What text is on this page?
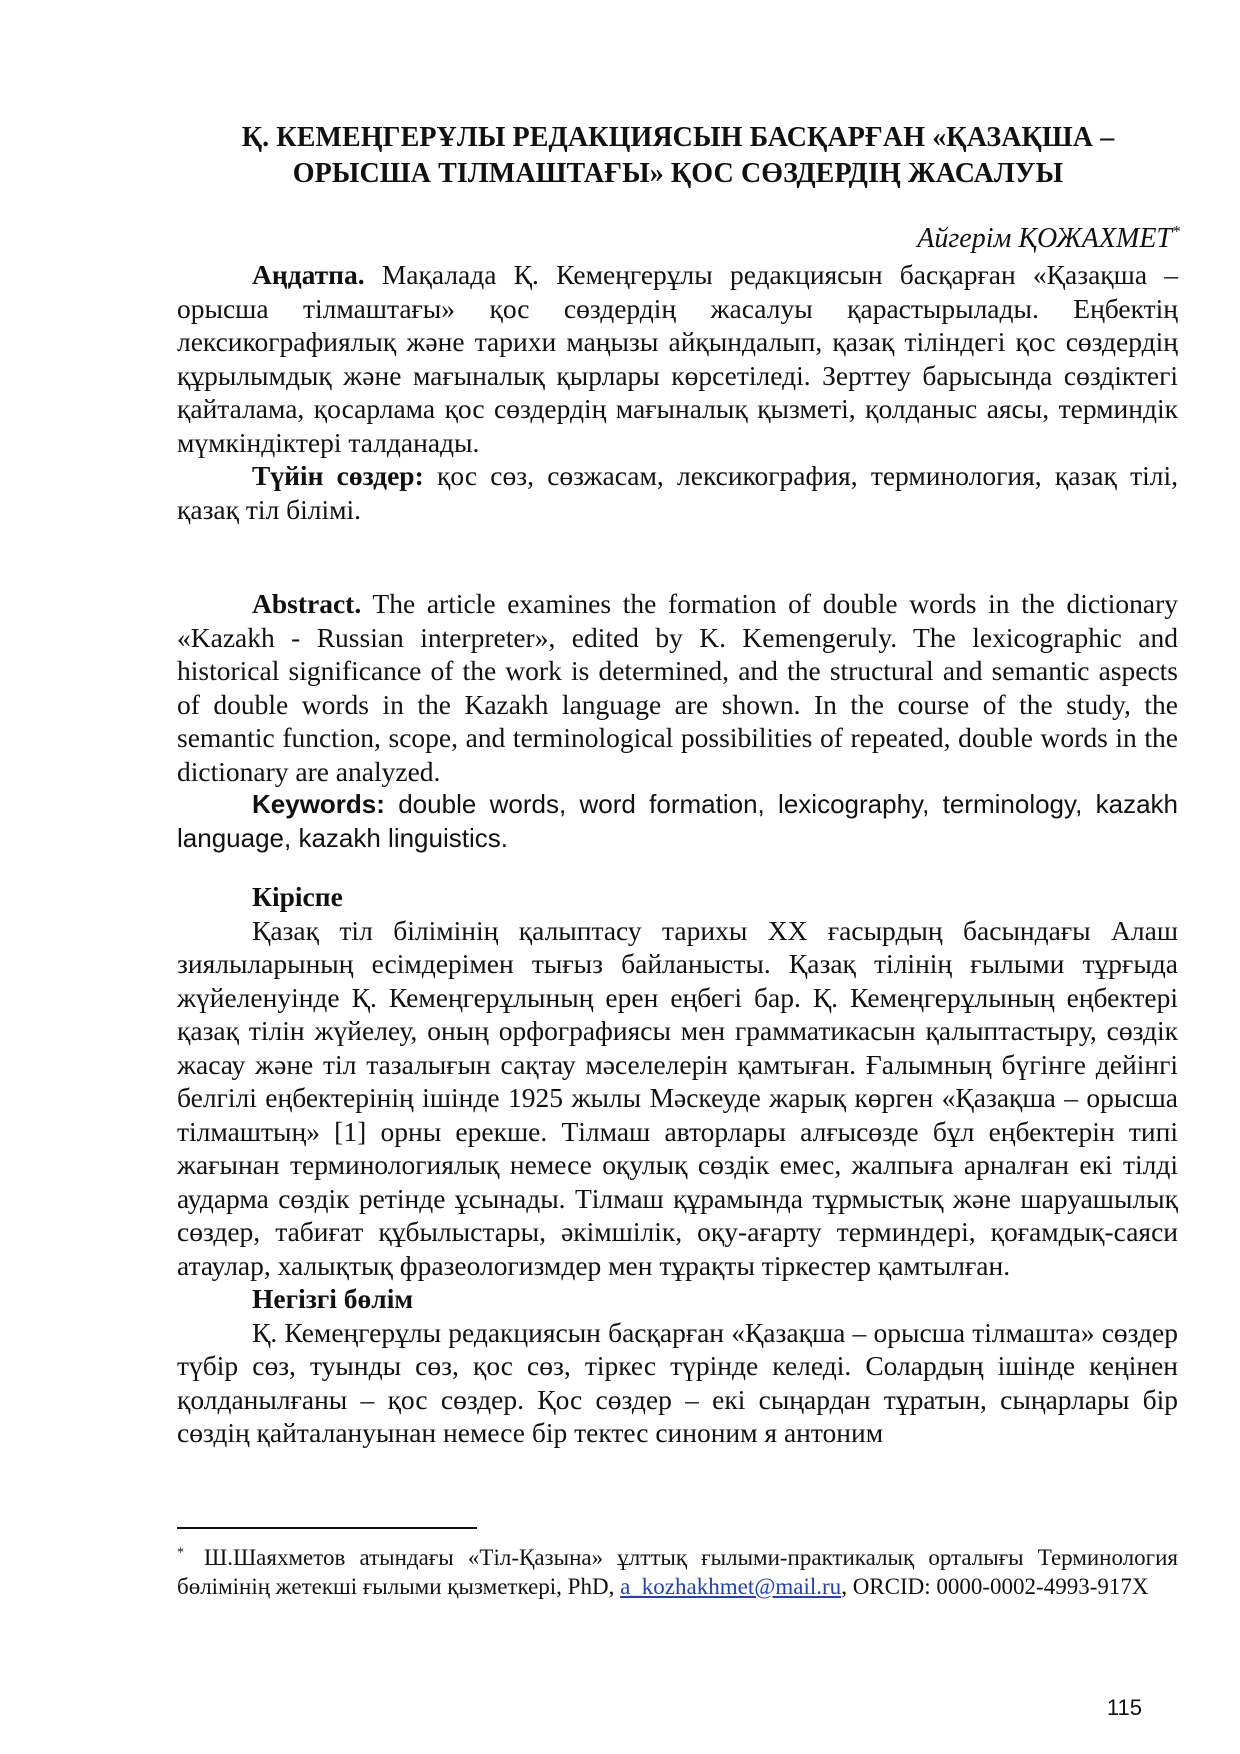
Қ. КЕМЕҢГЕРҰЛЫ РЕДАКЦИЯСЫН БАСҚАРҒАН «ҚАЗАҚША –
ОРЫСША ТІЛМАШТАҒЫ» ҚОС СӨЗДЕРДІҢ ЖАСАЛУЫ
Айгерім ҚОЖАХМЕТ*

Аңдатпа. Мақалада Қ. Кемеңгерұлы редакциясын басқарған «Қазақша – орысша тілмаштағы» қос сөздердің жасалуы қарастырылады. Еңбектің лексикографиялық және тарихи маңызы айқындалып, қазақ тіліндегі қос сөздердің құрылымдық және мағыналық қырлары көрсетіледі. Зерттеу барысында сөздіктегі қайталама, қосарлама қос сөздердің мағыналық қызметі, қолданыс аясы, терминдік мүмкіндіктері талданады.

Түйін сөздер: қос сөз, сөзжасам, лексикография, терминология, қазақ тілі, қазақ тіл білімі.

Abstract. The article examines the formation of double words in the dictionary «Kazakh - Russian interpreter», edited by K. Kemengeruly. The lexicographic and historical significance of the work is determined, and the structural and semantic aspects of double words in the Kazakh language are shown. In the course of the study, the semantic function, scope, and terminological possibilities of repeated, double words in the dictionary are analyzed.

Keywords: double words, word formation, lexicography, terminology, kazakh language, kazakh linguistics.

Кіріспе

Қазақ тіл білімінің қалыптасу тарихы XX ғасырдың басындағы Алаш зиялыларының есімдерімен тығыз байланысты. Қазақ тілінің ғылыми тұрғыда жүйеленуінде Қ. Кемеңгерұлының ерен еңбегі бар. Қ. Кемеңгерұлының еңбектері қазақ тілін жүйелеу, оның орфографиясы мен грамматикасын қалыптастыру, сөздік жасау және тіл тазалығын сақтау мәселелерін қамтыған. Ғалымның бүгінге дейінгі белгілі еңбектерінің ішінде 1925 жылы Мәскеуде жарық көрген «Қазақша – орысша тілмаштың» [1] орны ерекше. Тілмаш авторлары алғысөзде бұл еңбектерін типі жағынан терминологиялық немесе оқулық сөздік емес, жалпыға арналған екі тілді аударма сөздік ретінде ұсынады. Тілмаш құрамында тұрмыстық және шаруашылық сөздер, табиғат құбылыстары, әкімшілік, оқу-ағарту терминдері, қоғамдық-саяси атаулар, халықтық фразеологизмдер мен тұрақты тіркестер қамтылған.

Негізгі бөлім

Қ. Кемеңгерұлы редакциясын басқарған «Қазақша – орысша тілмашта» сөздер түбір сөз, туынды сөз, қос сөз, тіркес түрінде келеді. Солардың ішінде кеңінен қолданылғаны – қос сөздер. Қос сөздер – екі сыңардан тұратын, сыңарлары бір сөздің қайталануынан немесе бір тектес синоним я антоним

* Ш.Шаяхметов атындағы «Тіл-Қазына» ұлттық ғылыми-практикалық орталығы Терминология бөлімінің жетекші ғылыми қызметкері, PhD, a_kozhakhmet@mail.ru, ORCID: 0000-0002-4993-917X
115
